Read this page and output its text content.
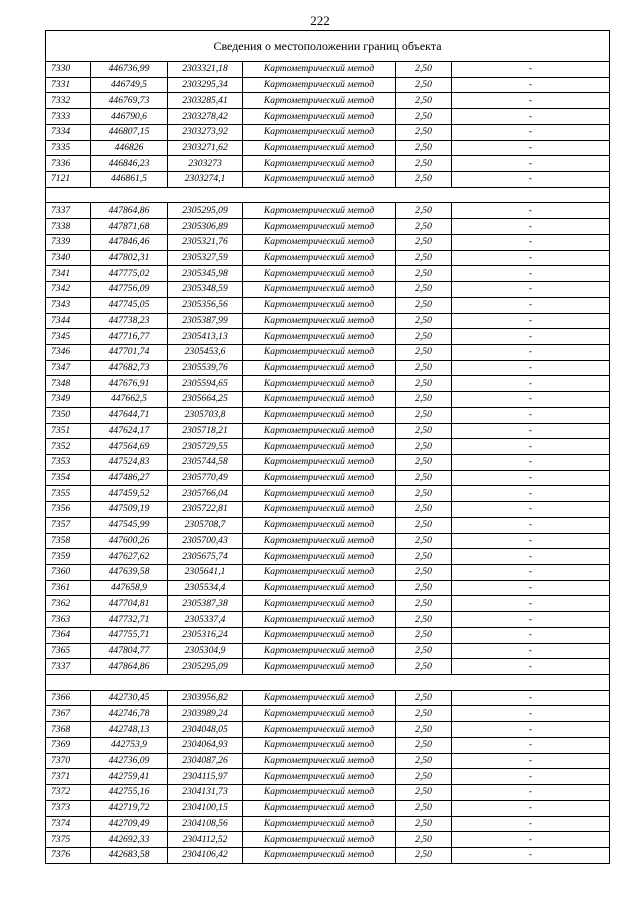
222
Сведения о местоположении границ объекта					
7330	446736,99	2303321,18	Картометрический метод	2,50	-
7331	446749,5	2303295,34	Картометрический метод	2,50	-
7332	446769,73	2303285,41	Картометрический метод	2,50	-
7333	446790,6	2303278,42	Картометрический метод	2,50	-
7334	446807,15	2303273,92	Картометрический метод	2,50	-
7335	446826	2303271,62	Картометрический метод	2,50	-
7336	446846,23	2303273	Картометрический метод	2,50	-
7121	446861,5	2303274,1	Картометрический метод	2,50	-

7337	447864,86	2305295,09	Картометрический метод	2,50	-
7338	447871,68	2305306,89	Картометрический метод	2,50	-
7339	447846,46	2305321,76	Картометрический метод	2,50	-
7340	447802,31	2305327,59	Картометрический метод	2,50	-
7341	447775,02	2305345,98	Картометрический метод	2,50	-
7342	447756,09	2305348,59	Картометрический метод	2,50	-
7343	447745,05	2305356,56	Картометрический метод	2,50	-
7344	447738,23	2305387,99	Картометрический метод	2,50	-
7345	447716,77	2305413,13	Картометрический метод	2,50	-
7346	447701,74	2305453,6	Картометрический метод	2,50	-
7347	447682,73	2305539,76	Картометрический метод	2,50	-
7348	447676,91	2305594,65	Картометрический метод	2,50	-
7349	447662,5	2305664,25	Картометрический метод	2,50	-
7350	447644,71	2305703,8	Картометрический метод	2,50	-
7351	447624,17	2305718,21	Картометрический метод	2,50	-
7352	447564,69	2305729,55	Картометрический метод	2,50	-
7353	447524,83	2305744,58	Картометрический метод	2,50	-
7354	447486,27	2305770,49	Картометрический метод	2,50	-
7355	447459,52	2305766,04	Картометрический метод	2,50	-
7356	447509,19	2305722,81	Картометрический метод	2,50	-
7357	447545,99	2305708,7	Картометрический метод	2,50	-
7358	447600,26	2305700,43	Картометрический метод	2,50	-
7359	447627,62	2305675,74	Картометрический метод	2,50	-
7360	447639,58	2305641,1	Картометрический метод	2,50	-
7361	447658,9	2305534,4	Картометрический метод	2,50	-
7362	447704,81	2305387,38	Картометрический метод	2,50	-
7363	447732,71	2305337,4	Картометрический метод	2,50	-
7364	447755,71	2305316,24	Картометрический метод	2,50	-
7365	447804,77	2305304,9	Картометрический метод	2,50	-
7337	447864,86	2305295,09	Картометрический метод	2,50	-

7366	442730,45	2303956,82	Картометрический метод	2,50	-
7367	442746,78	2303989,24	Картометрический метод	2,50	-
7368	442748,13	2304048,05	Картометрический метод	2,50	-
7369	442753,9	2304064,93	Картометрический метод	2,50	-
7370	442736,09	2304087,26	Картометрический метод	2,50	-
7371	442759,41	2304115,97	Картометрический метод	2,50	-
7372	442755,16	2304131,73	Картометрический метод	2,50	-
7373	442719,72	2304100,15	Картометрический метод	2,50	-
7374	442709,49	2304108,56	Картометрический метод	2,50	-
7375	442692,33	2304112,52	Картометрический метод	2,50	-
7376	442683,58	2304106,42	Картометрический метод	2,50	-
